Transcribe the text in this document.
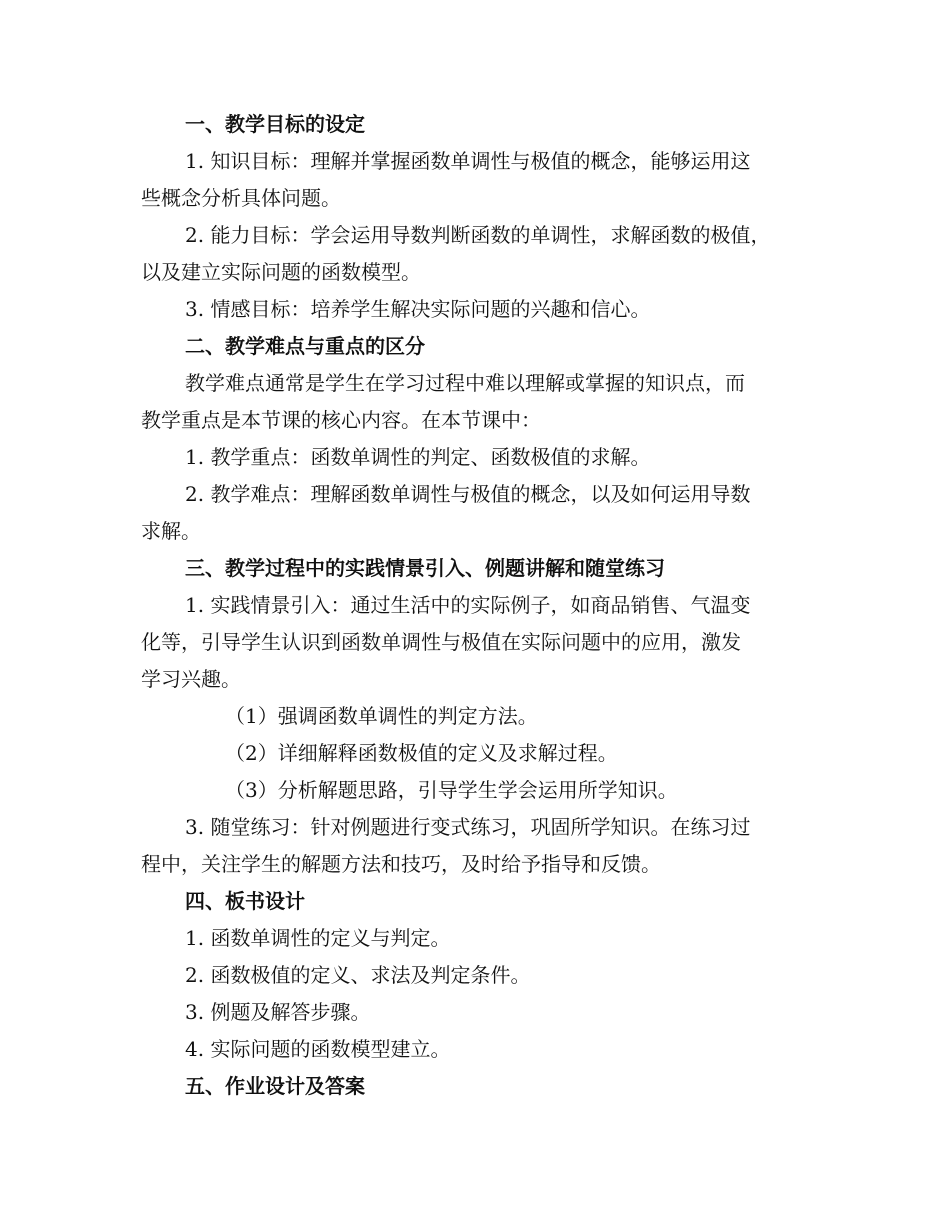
一、教学目标的设定
1. 知识目标：理解并掌握函数单调性与极值的概念，能够运用这
些概念分析具体问题。
2. 能力目标：学会运用导数判断函数的单调性，求解函数的极值，
以及建立实际问题的函数模型。
3. 情感目标：培养学生解决实际问题的兴趣和信心。
二、教学难点与重点的区分
教学难点通常是学生在学习过程中难以理解或掌握的知识点，而
教学重点是本节课的核心内容。在本节课中：
1. 教学重点：函数单调性的判定、函数极值的求解。
2. 教学难点：理解函数单调性与极值的概念，以及如何运用导数
求解。
三、教学过程中的实践情景引入、例题讲解和随堂练习
1. 实践情景引入：通过生活中的实际例子，如商品销售、气温变
化等，引导学生认识到函数单调性与极值在实际问题中的应用，激发
学习兴趣。
（1）强调函数单调性的判定方法。
（2）详细解释函数极值的定义及求解过程。
（3）分析解题思路，引导学生学会运用所学知识。
3. 随堂练习：针对例题进行变式练习，巩固所学知识。在练习过
程中，关注学生的解题方法和技巧，及时给予指导和反馈。
四、板书设计
1. 函数单调性的定义与判定。
2. 函数极值的定义、求法及判定条件。
3. 例题及解答步骤。
4. 实际问题的函数模型建立。
五、作业设计及答案
